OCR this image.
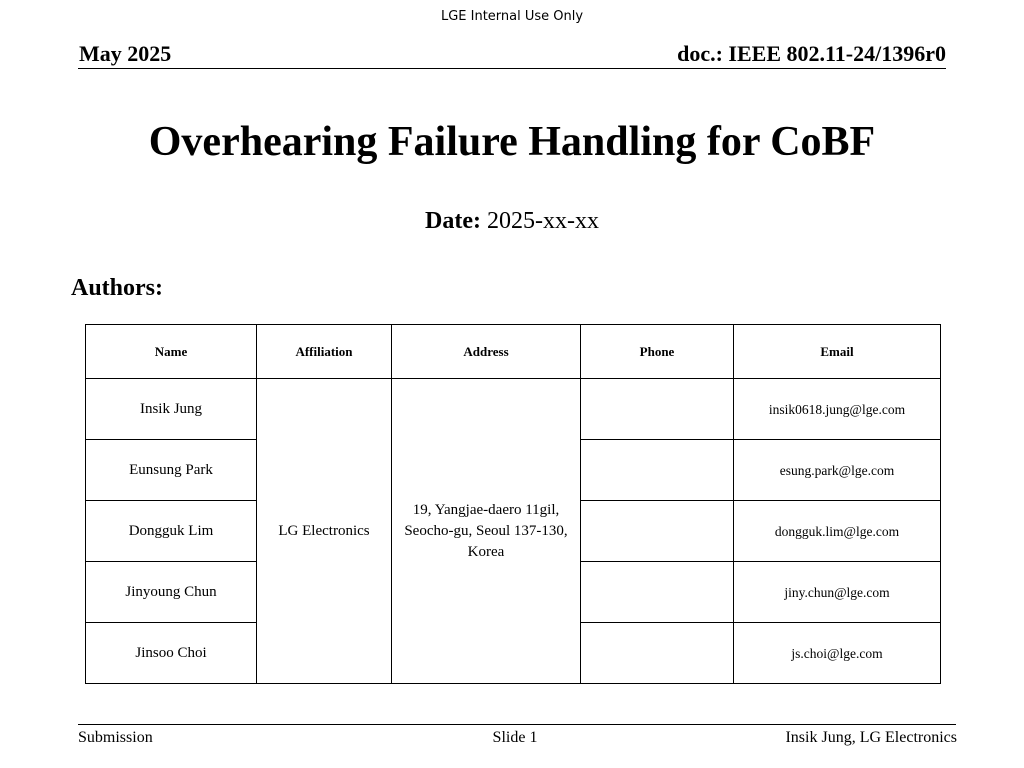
LGE Internal Use Only
May 2025	doc.: IEEE 802.11-24/1396r0
Overhearing Failure Handling for CoBF
Date: 2025-xx-xx
Authors:
Name	Affiliation	Address	Phone	Email
Insik Jung	LG Electronics	19, Yangjae-daero 11gil, Seocho-gu, Seoul 137-130, Korea		insik0618.jung@lge.com
Eunsung Park				esung.park@lge.com
Dongguk Lim				dongguk.lim@lge.com
Jinyoung Chun				jiny.chun@lge.com
Jinsoo Choi				js.choi@lge.com
Submission	Slide 1	Insik Jung, LG Electronics
